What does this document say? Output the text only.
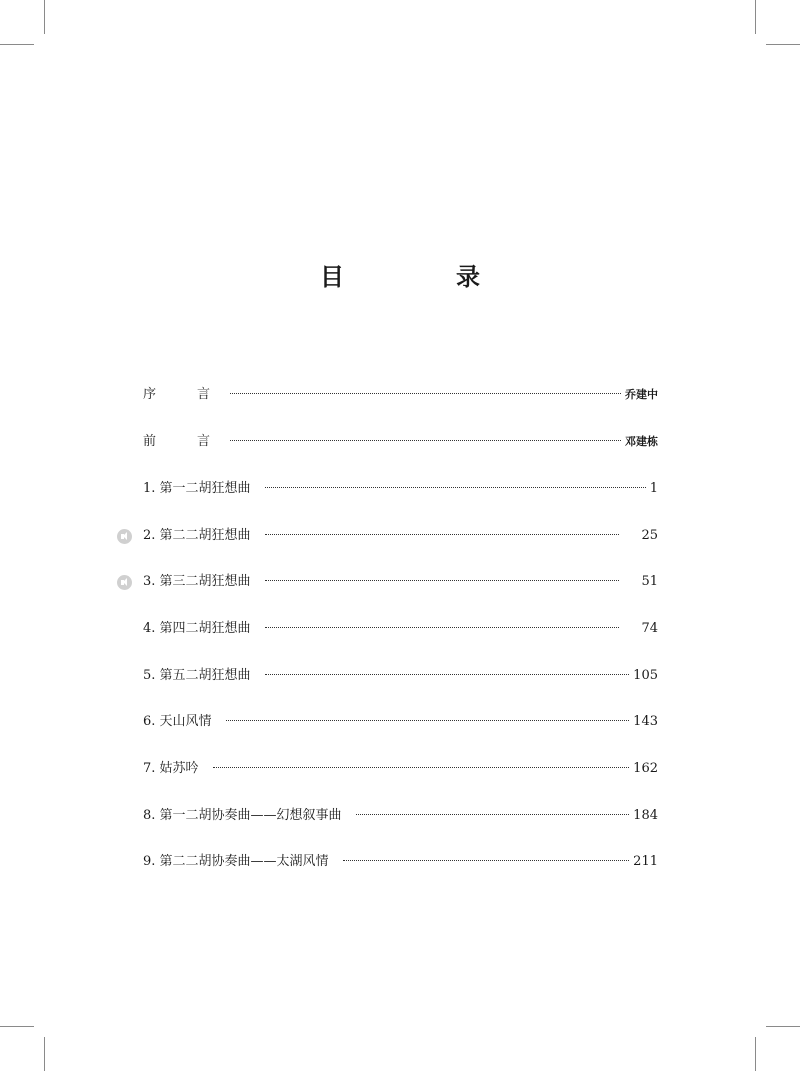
目　录
序　言	乔建中
前　言	邓建栋
1. 第一二胡狂想曲	1
2. 第二二胡狂想曲	25
3. 第三二胡狂想曲	51
4. 第四二胡狂想曲	74
5. 第五二胡狂想曲	105
6. 天山风情	143
7. 姑苏吟	162
8. 第一二胡协奏曲——幻想叙事曲	184
9. 第二二胡协奏曲——太湖风情	211
